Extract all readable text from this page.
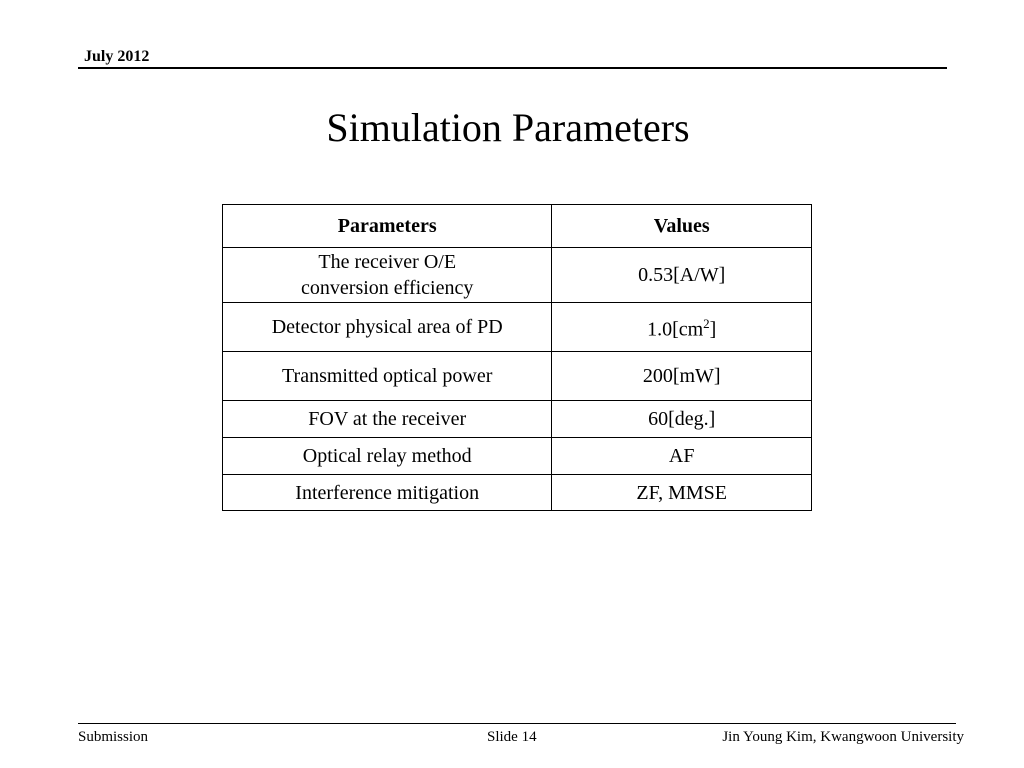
July 2012
Simulation Parameters
Parameters	Values

The receiver O/E
conversion efficiency	0.53[A/W]
Detector physical area of PD	$1.0[cm^2]$
Transmitted optical power	200[mW]
FOV at the receiver	60[deg.]
Optical relay method	AF
Interference mitigation	ZF, MMSE
Submission	Slide 14	Jin Young Kim, Kwangwoon University
